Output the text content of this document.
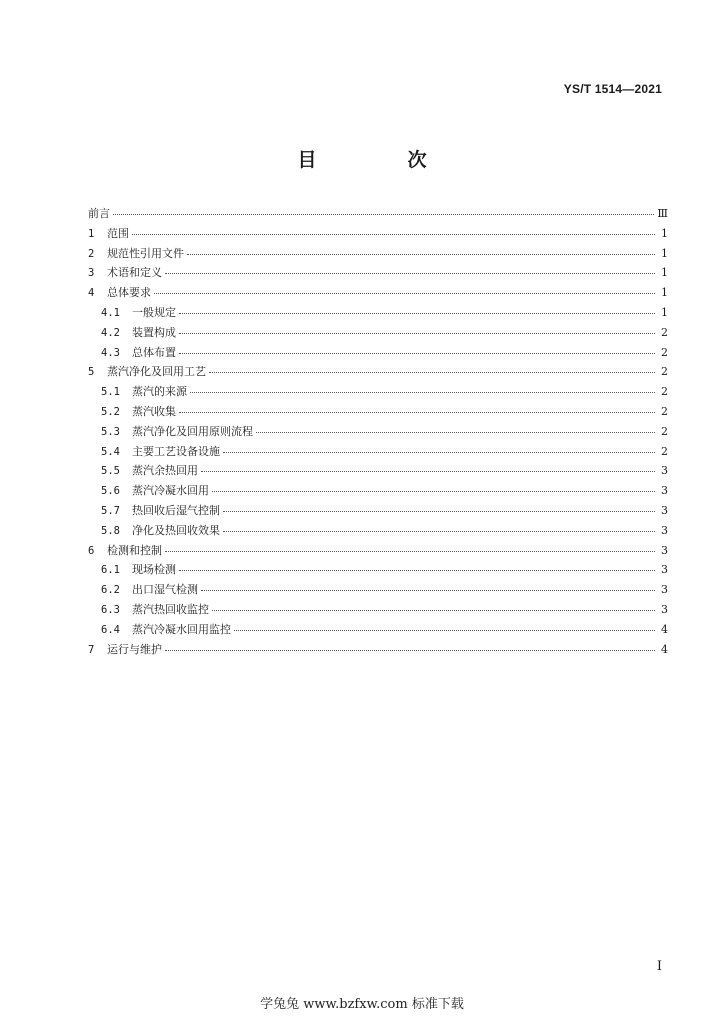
YS/T 1514—2021
目　次
前言	Ⅲ
1	范围	1
2	规范性引用文件	1
3	术语和定义	1
4	总体要求	1
4.1	一般规定	1
4.2	装置构成	2
4.3	总体布置	2
5	蒸汽净化及回用工艺	2
5.1	蒸汽的来源	2
5.2	蒸汽收集	2
5.3	蒸汽净化及回用原则流程	2
5.4	主要工艺设备设施	2
5.5	蒸汽余热回用	3
5.6	蒸汽冷凝水回用	3
5.7	热回收后湿气控制	3
5.8	净化及热回收效果	3
6	检测和控制	3
6.1	现场检测	3
6.2	出口湿气检测	3
6.3	蒸汽热回收监控	3
6.4	蒸汽冷凝水回用监控	4
7	运行与维护	4
I
学兔兔 www.bzfxw.com 标准下载
